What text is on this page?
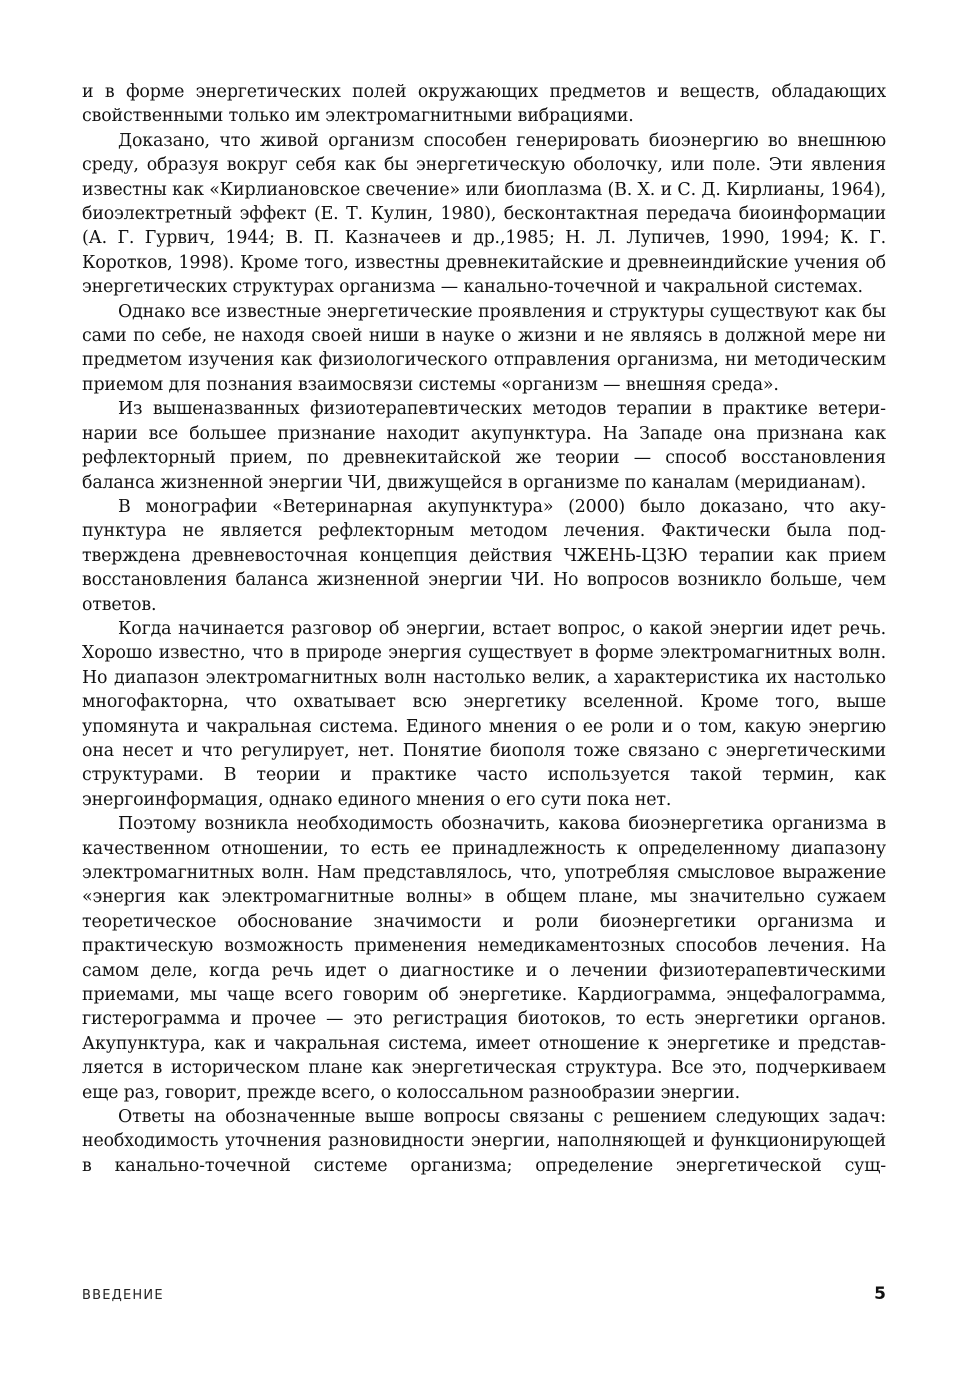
и в форме энергетических полей окружающих предметов и веществ, обладающих свойственными только им электромагнитными вибрациями.

Доказано, что живой организм способен генерировать биоэнергию во внешнюю среду, образуя вокруг себя как бы энергетическую оболочку, или поле. Эти явления известны как «Кирлиановское свечение» или биоплазма (В. Х. и С. Д. Кирлианы, 1964), биоэлектретный эффект (Е. Т. Кулин, 1980), бесконтактная передача биоинформации (А. Г. Гурвич, 1944; В. П. Казначеев и др.,1985; Н. Л. Лупичев, 1990, 1994; К. Г. Коротков, 1998). Кроме того, известны древнекитайские и древнеиндийские учения об энергетических структурах организма — канально-точечной и чакральной системах.

Однако все известные энергетические проявления и структуры существуют как бы сами по себе, не находя своей ниши в науке о жизни и не являясь в должной мере ни предметом изучения как физиологического отправления организма, ни методическим приемом для познания взаимосвязи системы «организм — внешняя среда».

Из вышеназванных физиотерапевтических методов терапии в практике ветеринарии все большее признание находит акупунктура. На Западе она признана как рефлекторный прием, по древнекитайской же теории — способ восстановления баланса жизненной энергии ЧИ, движущейся в организме по каналам (меридианам).

В монографии «Ветеринарная акупунктура» (2000) было доказано, что акупунктура не является рефлекторным методом лечения. Фактически была подтверждена древневосточная концепция действия ЧЖЕНЬ-ЦЗЮ терапии как прием восстановления баланса жизненной энергии ЧИ. Но вопросов возникло больше, чем ответов.

Когда начинается разговор об энергии, встает вопрос, о какой энергии идет речь. Хорошо известно, что в природе энергия существует в форме электромагнитных волн. Но диапазон электромагнитных волн настолько велик, а характеристика их настолько многофакторна, что охватывает всю энергетику вселенной. Кроме того, выше упомянута и чакральная система. Единого мнения о ее роли и о том, какую энергию она несет и что регулирует, нет. Понятие биополя тоже связано с энергетическими структурами. В теории и практике часто используется такой термин, как энергоинформация, однако единого мнения о его сути пока нет.

Поэтому возникла необходимость обозначить, какова биоэнергетика организма в качественном отношении, то есть ее принадлежность к определенному диапазону электромагнитных волн. Нам представлялось, что, употребляя смысловое выражение «энергия как электромагнитные волны» в общем плане, мы значительно сужаем теоретическое обоснование значимости и роли биоэнергетики организма и практическую возможность применения немедикаментозных способов лечения. На самом деле, когда речь идет о диагностике и о лечении физиотерапевтическими приемами, мы чаще всего говорим об энергетике. Кардиограмма, энцефалограмма, гистерограмма и прочее — это регистрация биотоков, то есть энергетики органов. Акупунктура, как и чакральная система, имеет отношение к энергетике и представляется в историческом плане как энергетическая структура. Все это, подчеркиваем еще раз, говорит, прежде всего, о колоссальном разнообразии энергии.

Ответы на обозначенные выше вопросы связаны с решением следующих задач: необходимость уточнения разновидности энергии, наполняющей и функционирующей в канально-точечной системе организма; определение энергетической сущ-

ВВЕДЕНИЕ	5
